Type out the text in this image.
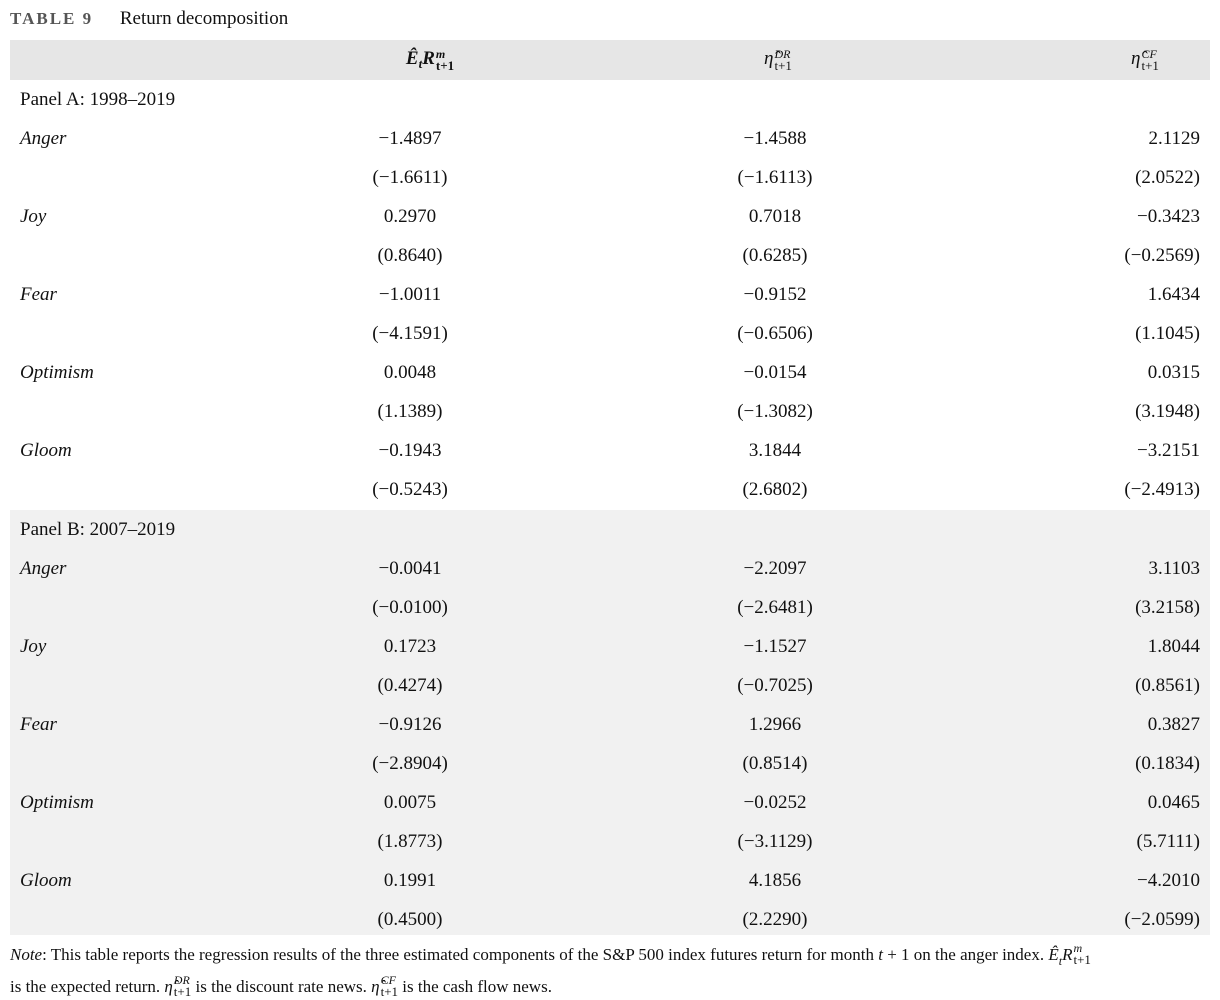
TABLE 9 Return decomposition
Ê t R m
t+1	η̂ DR
t+1	η̂ CF
t+1
Panel A: 1998–2019
Anger	−1.4897	−1.4588	2.1129
(−1.6611)	(−1.6113)	(2.0522)
Joy	0.2970	0.7018	−0.3423
(0.8640)	(0.6285)	(−0.2569)
Fear	−1.0011	−0.9152	1.6434
(−4.1591)	(−0.6506)	(1.1045)
Optimism	0.0048	−0.0154	0.0315
(1.1389)	(−1.3082)	(3.1948)
Gloom	−0.1943	3.1844	−3.2151
(−0.5243)	(2.6802)	(−2.4913)
Panel B: 2007–2019
Anger	−0.0041	−2.2097	3.1103
(−0.0100)	(−2.6481)	(3.2158)
Joy	0.1723	−1.1527	1.8044
(0.4274)	(−0.7025)	(0.8561)
Fear	−0.9126	1.2966	0.3827
(−2.8904)	(0.8514)	(0.1834)
Optimism	0.0075	−0.0252	0.0465
(1.8773)	(−3.1129)	(5.7111)
Gloom	0.1991	4.1856	−4.2010
(0.4500)	(2.2290)	(−2.0599)
Note: This table reports the regression results of the three estimated components of the S&P 500 index futures return for month t + 1 on the anger index. Ê t R m
t+1

is the expected return. η̂ DR
t+1 is the discount rate news. η̂ CF
t+1 is the cash flow news.
